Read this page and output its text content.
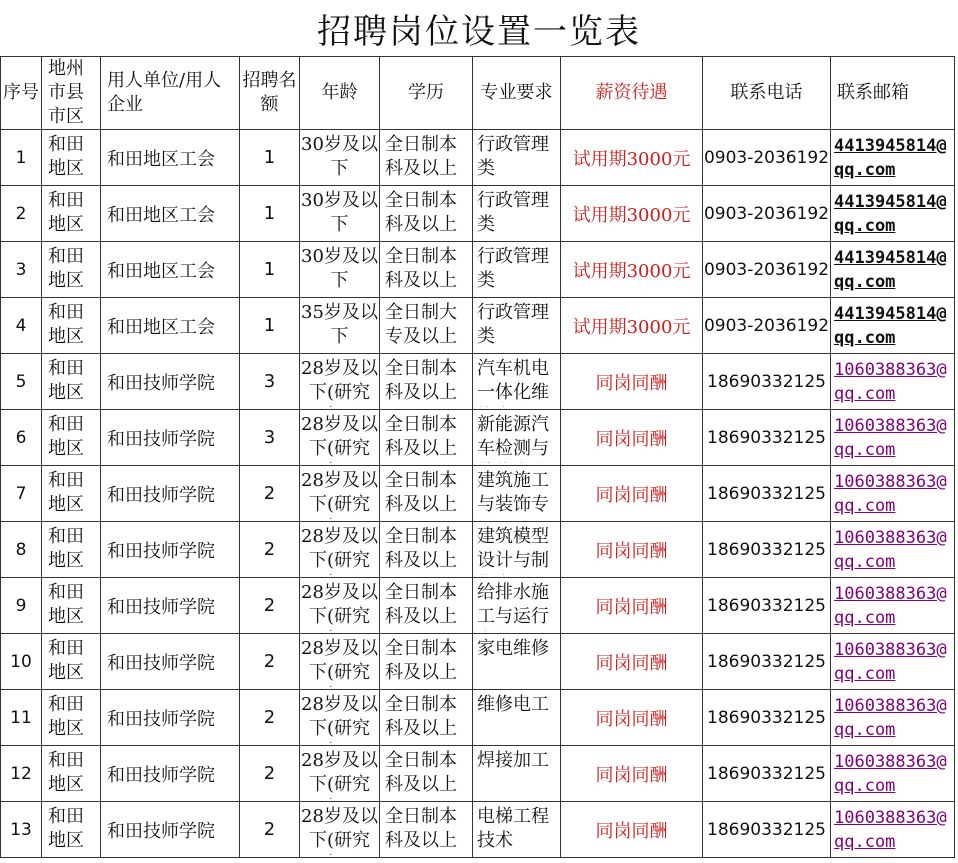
招聘岗位设置一览表
序号	地州市县市区	用人单位/用人企业	招聘名额	年龄	学历	专业要求	薪资待遇	联系电话	联系邮箱
1	和田地区	和田地区工会	1	30岁及以下	全日制本科及以上	行政管理类	试用期3000元	0903-2036192	4413945814@qq.com

2	和田地区	和田地区工会	1	30岁及以下	全日制本科及以上	行政管理类	试用期3000元	0903-2036192	4413945814@qq.com

3	和田地区	和田地区工会	1	30岁及以下	全日制本科及以上	行政管理类	试用期3000元	0903-2036192	4413945814@qq.com

4	和田地区	和田地区工会	1	35岁及以下	全日制大专及以上	行政管理类	试用期3000元	0903-2036192	4413945814@qq.com

5	和田地区	和田技师学院	3	28岁及以下(研究	全日制本科及以上	汽车机电一体化维	同岗同酬	18690332125	1060388363@qq.com

6	和田地区	和田技师学院	3	28岁及以下(研究	全日制本科及以上	新能源汽车检测与	同岗同酬	18690332125	1060388363@qq.com

7	和田地区	和田技师学院	2	28岁及以下(研究	全日制本科及以上	建筑施工与装饰专	同岗同酬	18690332125	1060388363@qq.com

8	和田地区	和田技师学院	2	28岁及以下(研究	全日制本科及以上	建筑模型设计与制	同岗同酬	18690332125	1060388363@qq.com

9	和田地区	和田技师学院	2	28岁及以下(研究	全日制本科及以上	给排水施工与运行	同岗同酬	18690332125	1060388363@qq.com

10	和田地区	和田技师学院	2	28岁及以下(研究	全日制本科及以上	家电维修	同岗同酬	18690332125	1060388363@qq.com

11	和田地区	和田技师学院	2	28岁及以下(研究	全日制本科及以上	维修电工	同岗同酬	18690332125	1060388363@qq.com

12	和田地区	和田技师学院	2	28岁及以下(研究	全日制本科及以上	焊接加工	同岗同酬	18690332125	1060388363@qq.com

13	和田地区	和田技师学院	2	28岁及以下(研究	全日制本科及以上	电梯工程技术	同岗同酬	18690332125	1060388363@qq.com
